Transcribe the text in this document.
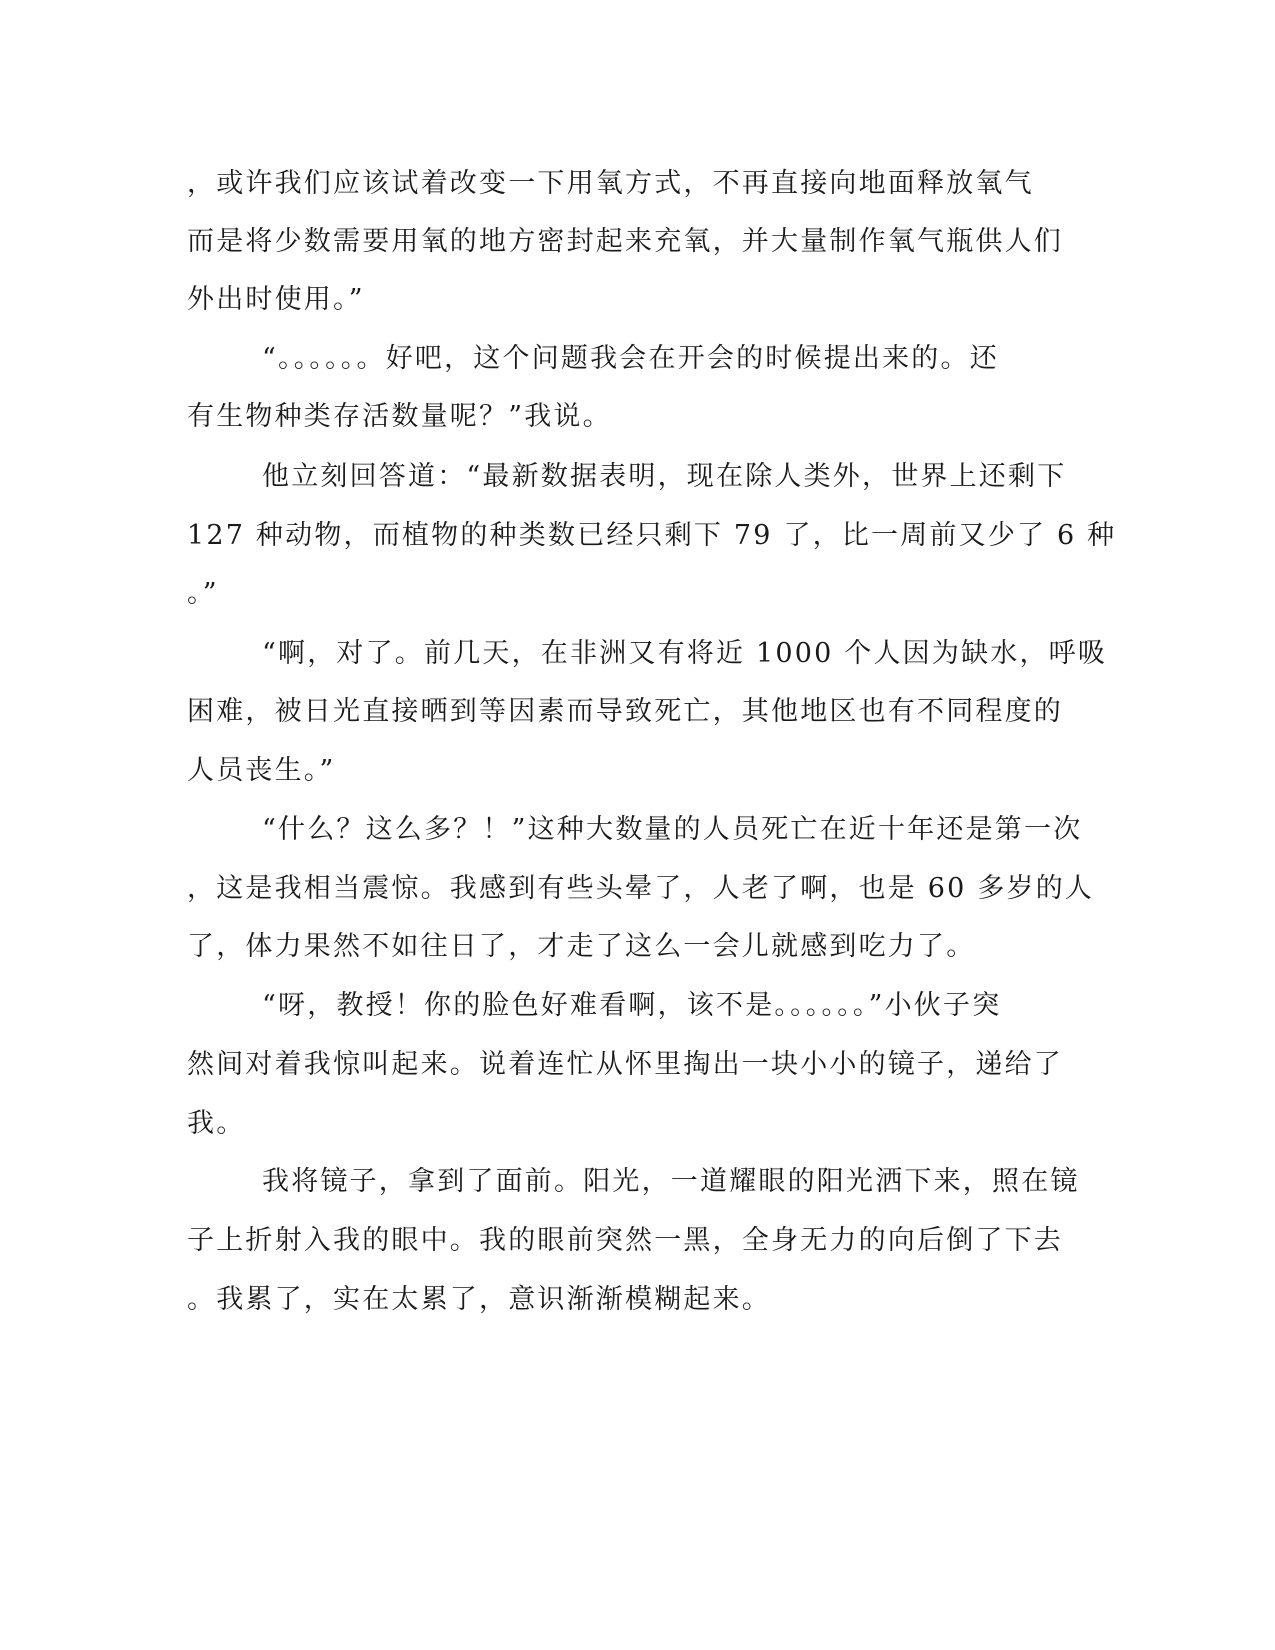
，或许我们应该试着改变一下用氧方式，不再直接向地面释放氧气
而是将少数需要用氧的地方密封起来充氧，并大量制作氧气瓶供人们
外出时使用。”
“。。。。。。好吧，这个问题我会在开会的时候提出来的。还
有生物种类存活数量呢？”我说。
他立刻回答道：“最新数据表明，现在除人类外，世界上还剩下
127 种动物，而植物的种类数已经只剩下 79 了，比一周前又少了 6 种
。”
“啊，对了。前几天，在非洲又有将近 1000 个人因为缺水，呼吸
困难，被日光直接晒到等因素而导致死亡，其他地区也有不同程度的
人员丧生。”
“什么？这么多？！”这种大数量的人员死亡在近十年还是第一次
，这是我相当震惊。我感到有些头晕了，人老了啊，也是 60 多岁的人
了，体力果然不如往日了，才走了这么一会儿就感到吃力了。
“呀，教授！你的脸色好难看啊，该不是。。。。。。”小伙子突
然间对着我惊叫起来。说着连忙从怀里掏出一块小小的镜子，递给了
我。
我将镜子，拿到了面前。阳光，一道耀眼的阳光洒下来，照在镜
子上折射入我的眼中。我的眼前突然一黑，全身无力的向后倒了下去
。我累了，实在太累了，意识渐渐模糊起来。
